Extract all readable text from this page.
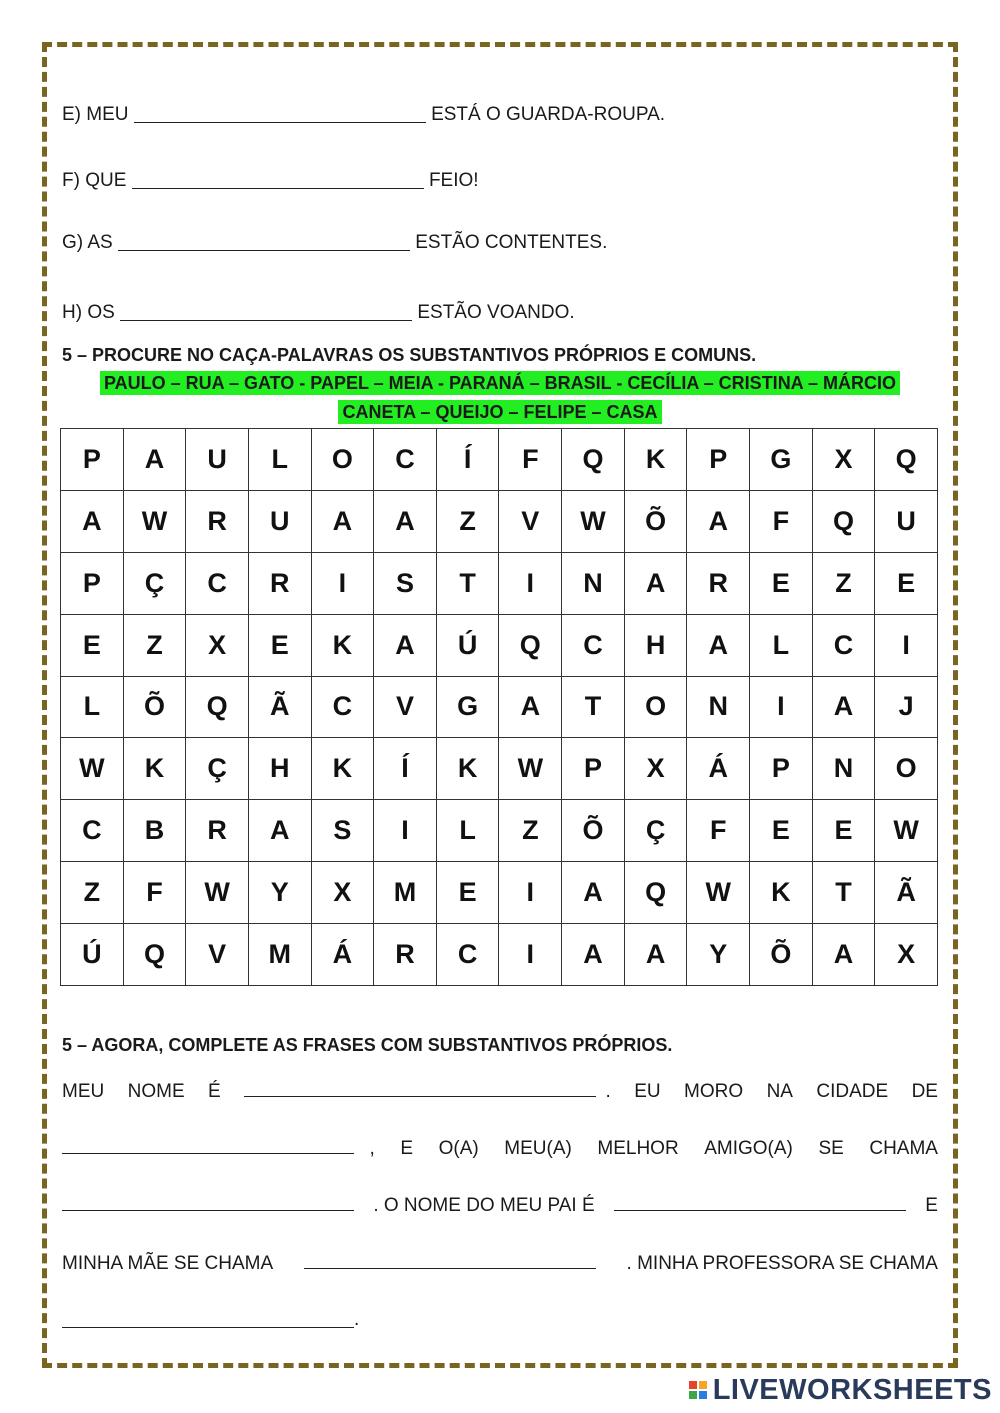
E) MEU	ESTÁ O GUARDA-ROUPA.
F) QUE	FEIO!
G) AS	ESTÃO CONTENTES.
H) OS	ESTÃO VOANDO.
5 – PROCURE NO CAÇA-PALAVRAS OS SUBSTANTIVOS PRÓPRIOS E COMUNS.
PAULO – RUA – GATO - PAPEL – MEIA - PARANÁ – BRASIL - CECÍLIA – CRISTINA – MÁRCIO
CANETA – QUEIJO – FELIPE – CASA
P	A	U	L	O	C	Í	F	Q	K	P	G	X	Q
A	W	R	U	A	A	Z	V	W	Õ	A	F	Q	U
P	Ç	C	R	I	S	T	I	N	A	R	E	Z	E
E	Z	X	E	K	A	Ú	Q	C	H	A	L	C	I
L	Õ	Q	Ã	C	V	G	A	T	O	N	I	A	J
W	K	Ç	H	K	Í	K	W	P	X	Á	P	N	O
C	B	R	A	S	I	L	Z	Õ	Ç	F	E	E	W
Z	F	W	Y	X	M	E	I	A	Q	W	K	T	Ã
Ú	Q	V	M	Á	R	C	I	A	A	Y	Õ	A	X
5 – AGORA, COMPLETE AS FRASES COM SUBSTANTIVOS PRÓPRIOS.
MEU NOME É	. EU MORO NA CIDADE DE
, E O(A) MEU(A) MELHOR AMIGO(A) SE CHAMA
. O NOME DO MEU PAI É	E
MINHA MÃE SE CHAMA	. MINHA PROFESSORA SE CHAMA
.
LIVEWORKSHEETS
